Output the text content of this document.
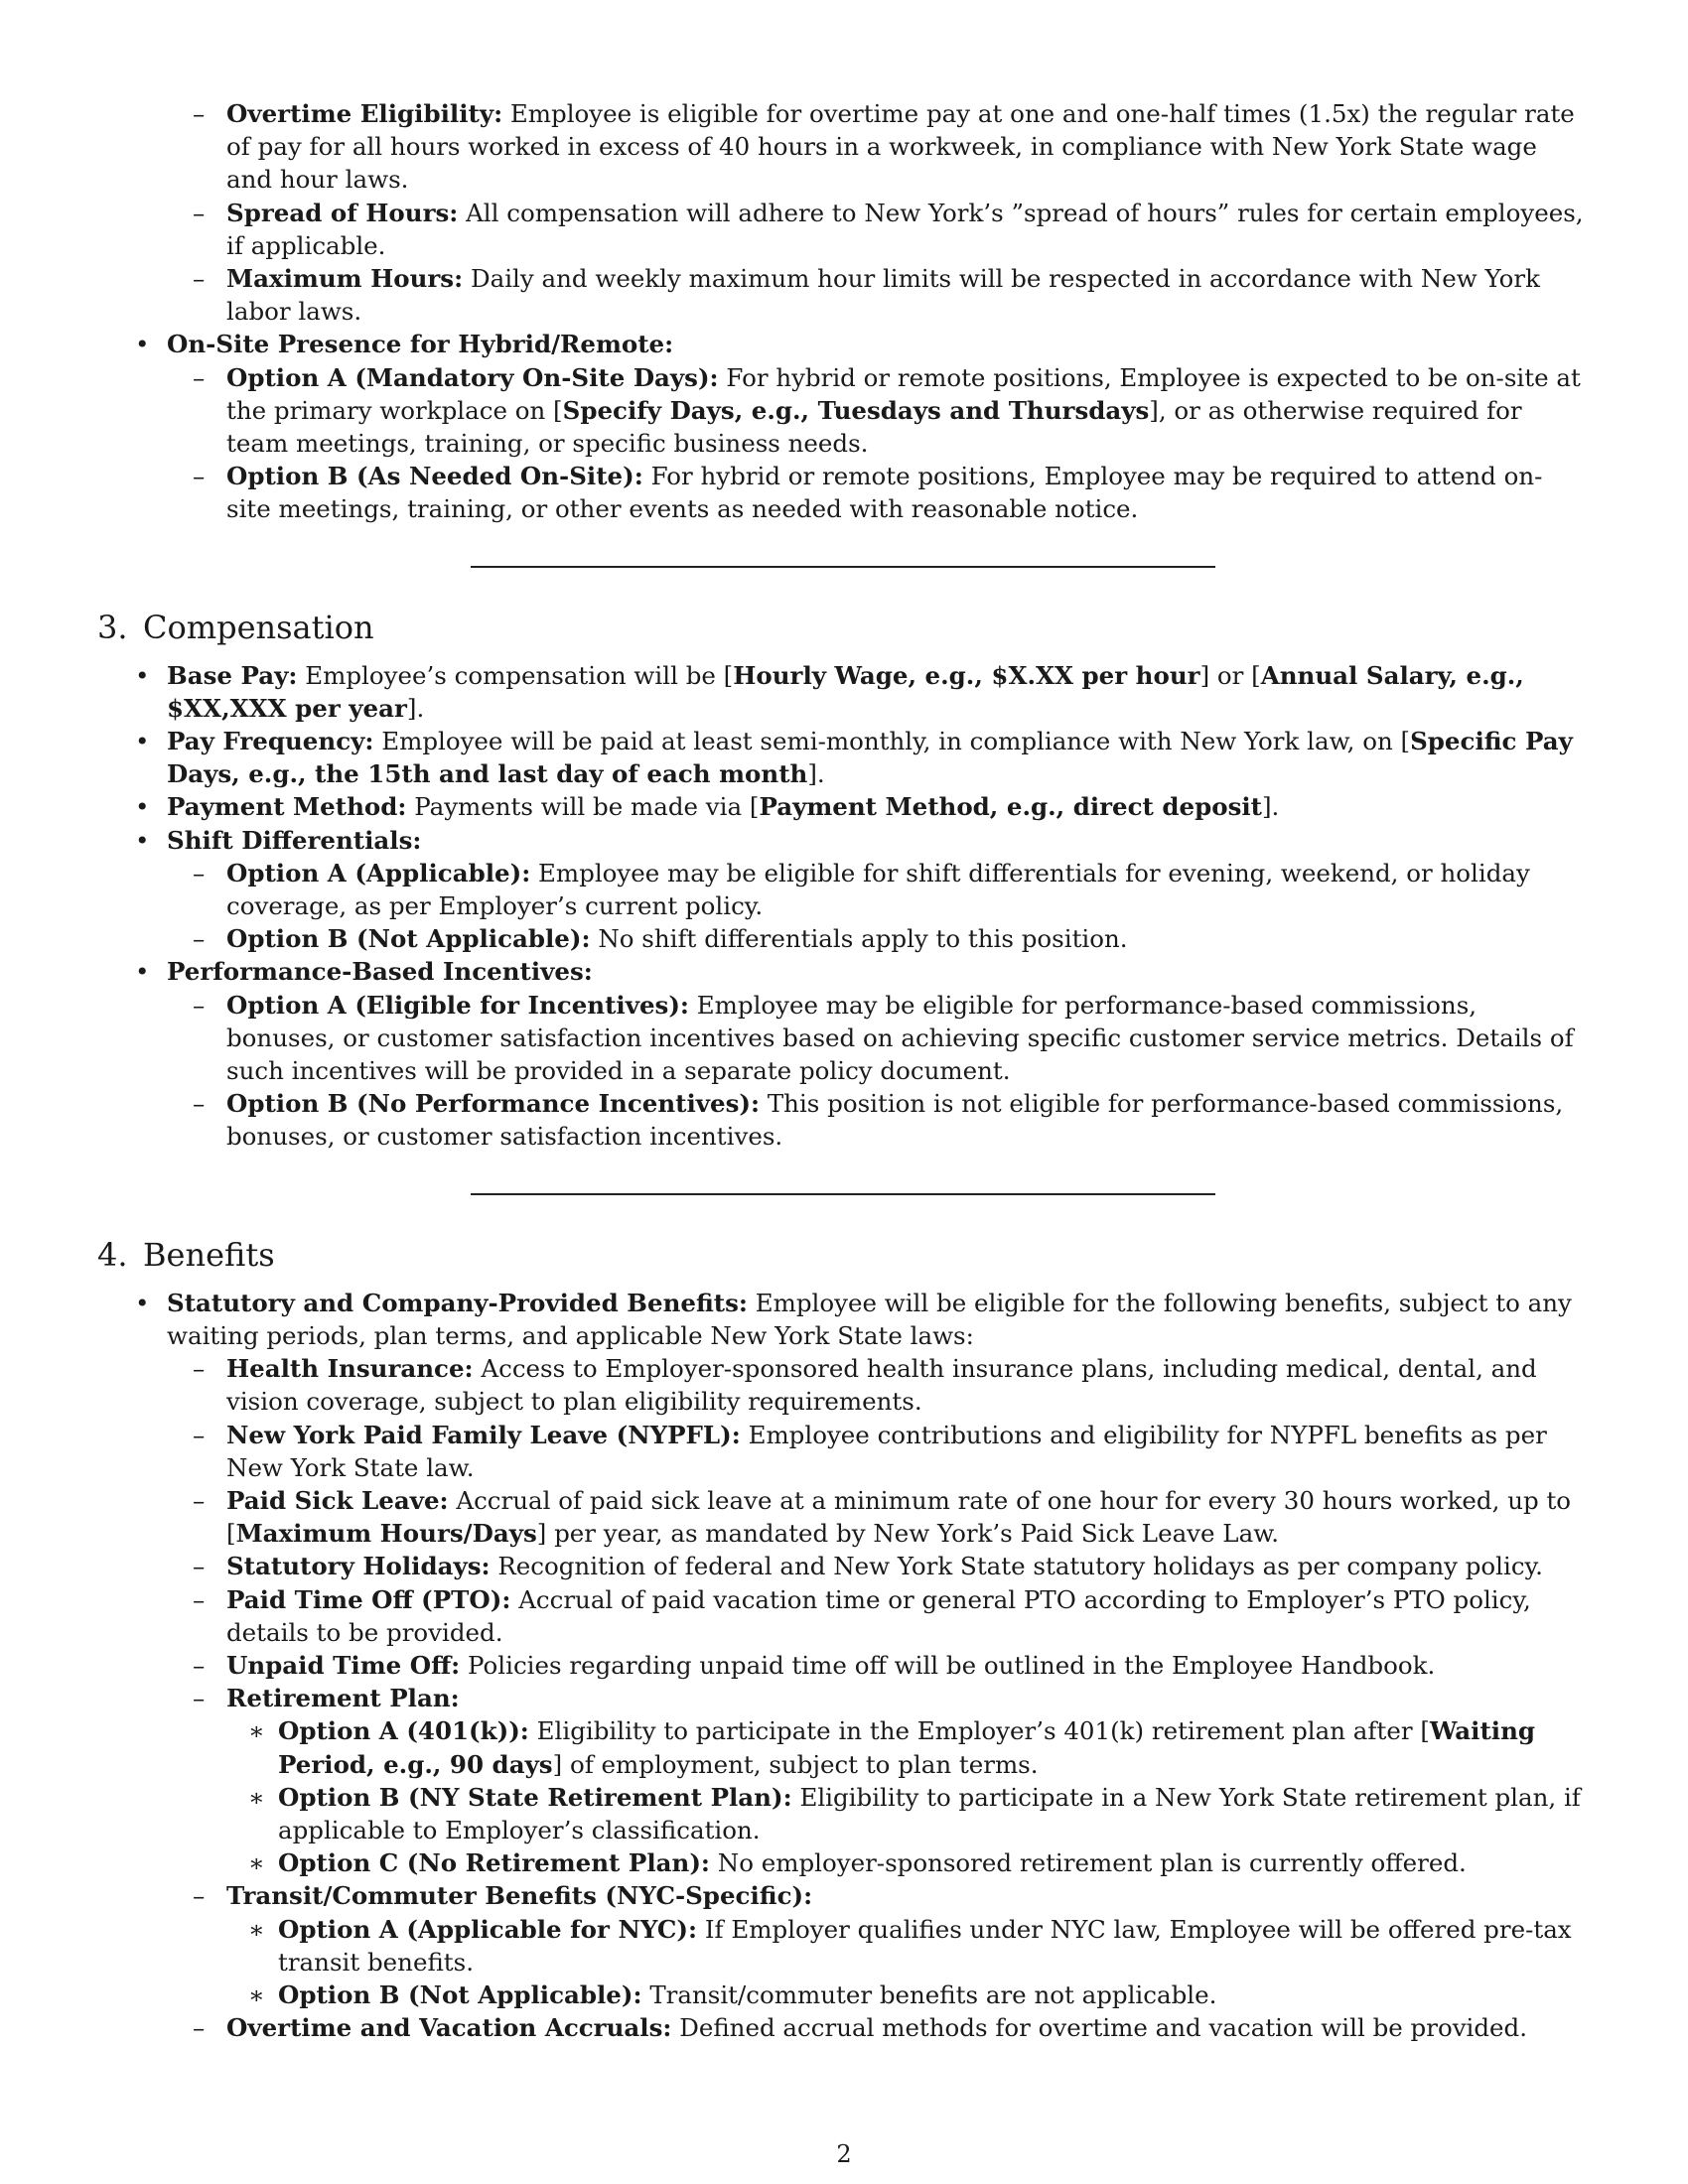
– Overtime Eligibility: Employee is eligible for overtime pay at one and one-half times (1.5x) the regular rate of pay for all hours worked in excess of 40 hours in a workweek, in compliance with New York State wage and hour laws.
– Spread of Hours: All compensation will adhere to New York’s ”spread of hours” rules for certain employees, if applicable.
– Maximum Hours: Daily and weekly maximum hour limits will be respected in accordance with New York labor laws.
• On-Site Presence for Hybrid/Remote:
– Option A (Mandatory On-Site Days): For hybrid or remote positions, Employee is expected to be on-site at the primary workplace on [Specify Days, e.g., Tuesdays and Thursdays], or as otherwise required for team meetings, training, or specific business needs.
– Option B (As Needed On-Site): For hybrid or remote positions, Employee may be required to attend on-site meetings, training, or other events as needed with reasonable notice.
3. Compensation
• Base Pay: Employee’s compensation will be [Hourly Wage, e.g., $X.XX per hour] or [Annual Salary, e.g., $XX,XXX per year].
• Pay Frequency: Employee will be paid at least semi-monthly, in compliance with New York law, on [Specific Pay Days, e.g., the 15th and last day of each month].
• Payment Method: Payments will be made via [Payment Method, e.g., direct deposit].
• Shift Differentials:
– Option A (Applicable): Employee may be eligible for shift differentials for evening, weekend, or holiday coverage, as per Employer’s current policy.
– Option B (Not Applicable): No shift differentials apply to this position.
• Performance-Based Incentives:
– Option A (Eligible for Incentives): Employee may be eligible for performance-based commissions, bonuses, or customer satisfaction incentives based on achieving specific customer service metrics. Details of such incentives will be provided in a separate policy document.
– Option B (No Performance Incentives): This position is not eligible for performance-based commissions, bonuses, or customer satisfaction incentives.
4. Benefits
• Statutory and Company-Provided Benefits: Employee will be eligible for the following benefits, subject to any waiting periods, plan terms, and applicable New York State laws:
– Health Insurance: Access to Employer-sponsored health insurance plans, including medical, dental, and vision coverage, subject to plan eligibility requirements.
– New York Paid Family Leave (NYPFL): Employee contributions and eligibility for NYPFL benefits as per New York State law.
– Paid Sick Leave: Accrual of paid sick leave at a minimum rate of one hour for every 30 hours worked, up to [Maximum Hours/Days] per year, as mandated by New York’s Paid Sick Leave Law.
– Statutory Holidays: Recognition of federal and New York State statutory holidays as per company policy.
– Paid Time Off (PTO): Accrual of paid vacation time or general PTO according to Employer’s PTO policy, details to be provided.
– Unpaid Time Off: Policies regarding unpaid time off will be outlined in the Employee Handbook.
– Retirement Plan:
∗ Option A (401(k)): Eligibility to participate in the Employer’s 401(k) retirement plan after [Waiting Period, e.g., 90 days] of employment, subject to plan terms.
∗ Option B (NY State Retirement Plan): Eligibility to participate in a New York State retirement plan, if applicable to Employer’s classification.
∗ Option C (No Retirement Plan): No employer-sponsored retirement plan is currently offered.
– Transit/Commuter Benefits (NYC-Specific):
∗ Option A (Applicable for NYC): If Employer qualifies under NYC law, Employee will be offered pre-tax transit benefits.
∗ Option B (Not Applicable): Transit/commuter benefits are not applicable.
– Overtime and Vacation Accruals: Defined accrual methods for overtime and vacation will be provided.
2
